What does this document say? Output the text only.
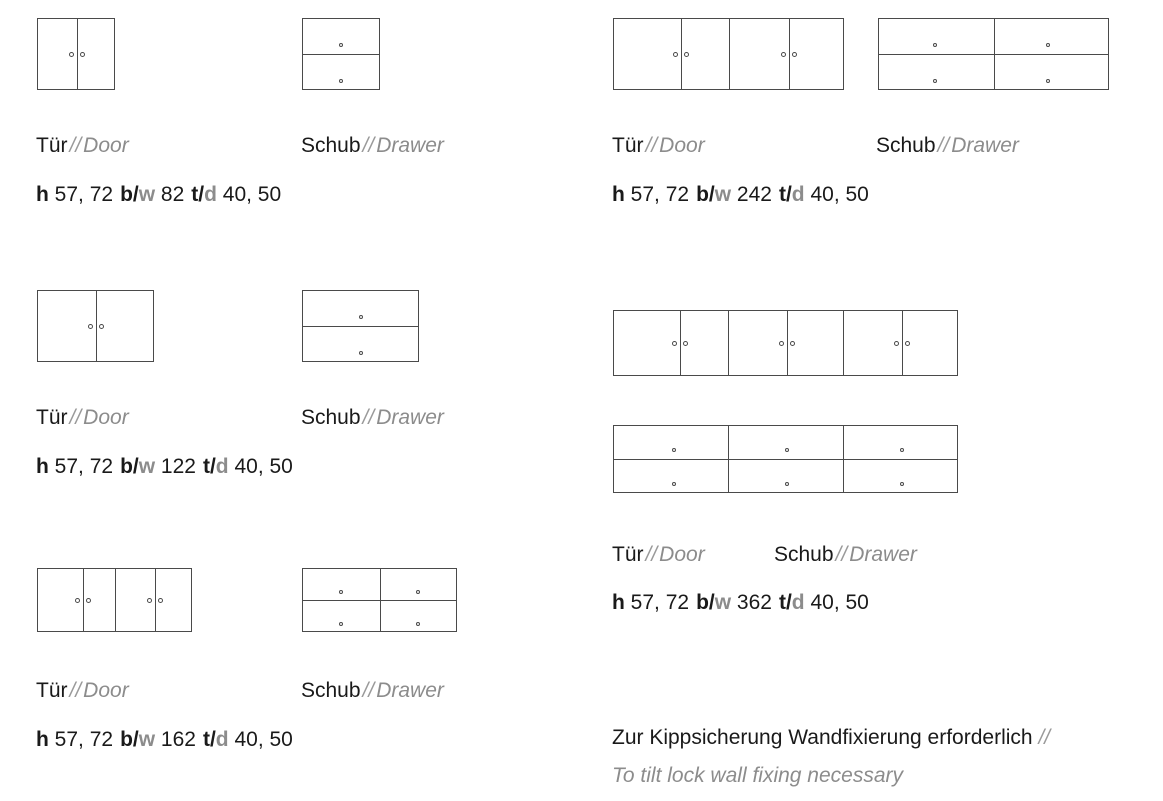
Tür//Door	Schub//Drawer
h 57, 72 b/w 82 t/d 40, 50
Tür//Door	Schub//Drawer
h 57, 72 b/w 242 t/d 40, 50
Tür//Door	Schub//Drawer
h 57, 72 b/w 122 t/d 40, 50
Tür//Door	Schub//Drawer
h 57, 72 b/w 162 t/d 40, 50
Tür//Door	Schub//Drawer
h 57, 72 b/w 362 t/d 40, 50
Zur Kippsicherung Wandfixierung erforderlich //
To tilt lock wall fixing necessary
